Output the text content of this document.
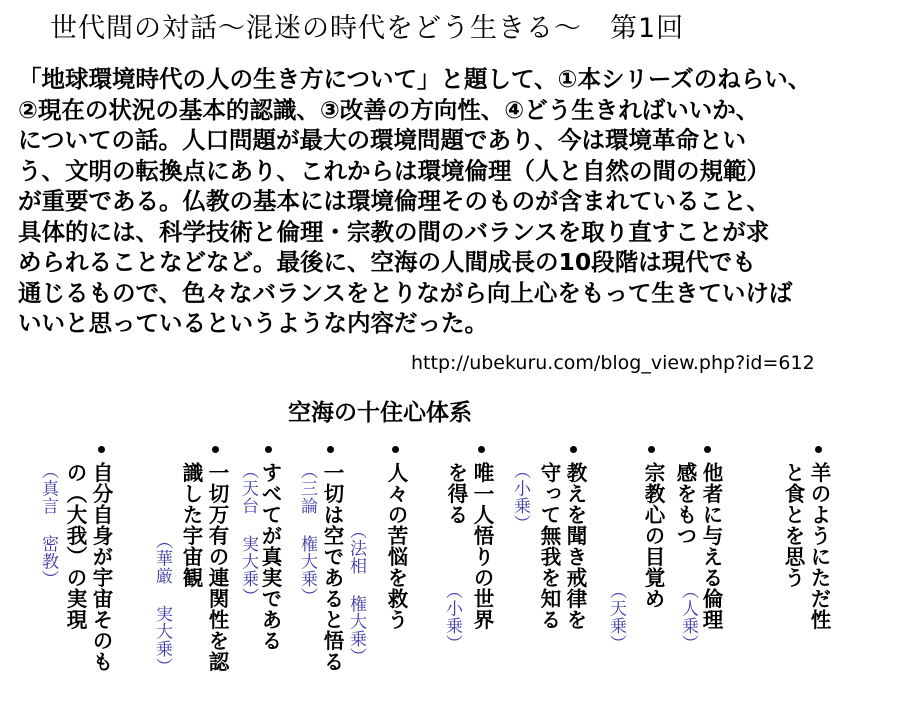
世代間の対話〜混迷の時代をどう生きる〜　第1回
「地球環境時代の人の生き方について」と題して、①本シリーズのねらい、
②現在の状況の基本的認識、③改善の方向性、④どう生きればいいか、
についての話。人口問題が最大の環境問題であり、今は環境革命とい
う、文明の転換点にあり、これからは環境倫理（人と自然の間の規範）
が重要である。仏教の基本には環境倫理そのものが含まれていること、
具体的には、科学技術と倫理・宗教の間のバランスを取り直すことが求
められることなどなど。最後に、空海の人間成長の10段階は現代でも
通じるもので、色々なバランスをとりながら向上心をもって生きていけば
いいと思っているというような内容だった。
http://ubekuru.com/blog_view.php?id=612
空海の十住心体系
羊のようにただ性
と食とを思う
他者に与える倫理
感をもつ
（人乗）
宗教心の目覚め
（天乗）
教えを聞き戒律を
守って無我を知る
（小乗）
唯一人悟りの世界
を得る
（小乗）
人々の苦悩を救う
（法相 権大乗）
一切は空であると悟る
（三論 権大乗）
すべてが真実である
（天台 実大乗）
一切万有の連関性を認
識した宇宙観
（華厳 実大乗）
自分自身が宇宙そのも
の（大我）の実現
（真言 密教）
